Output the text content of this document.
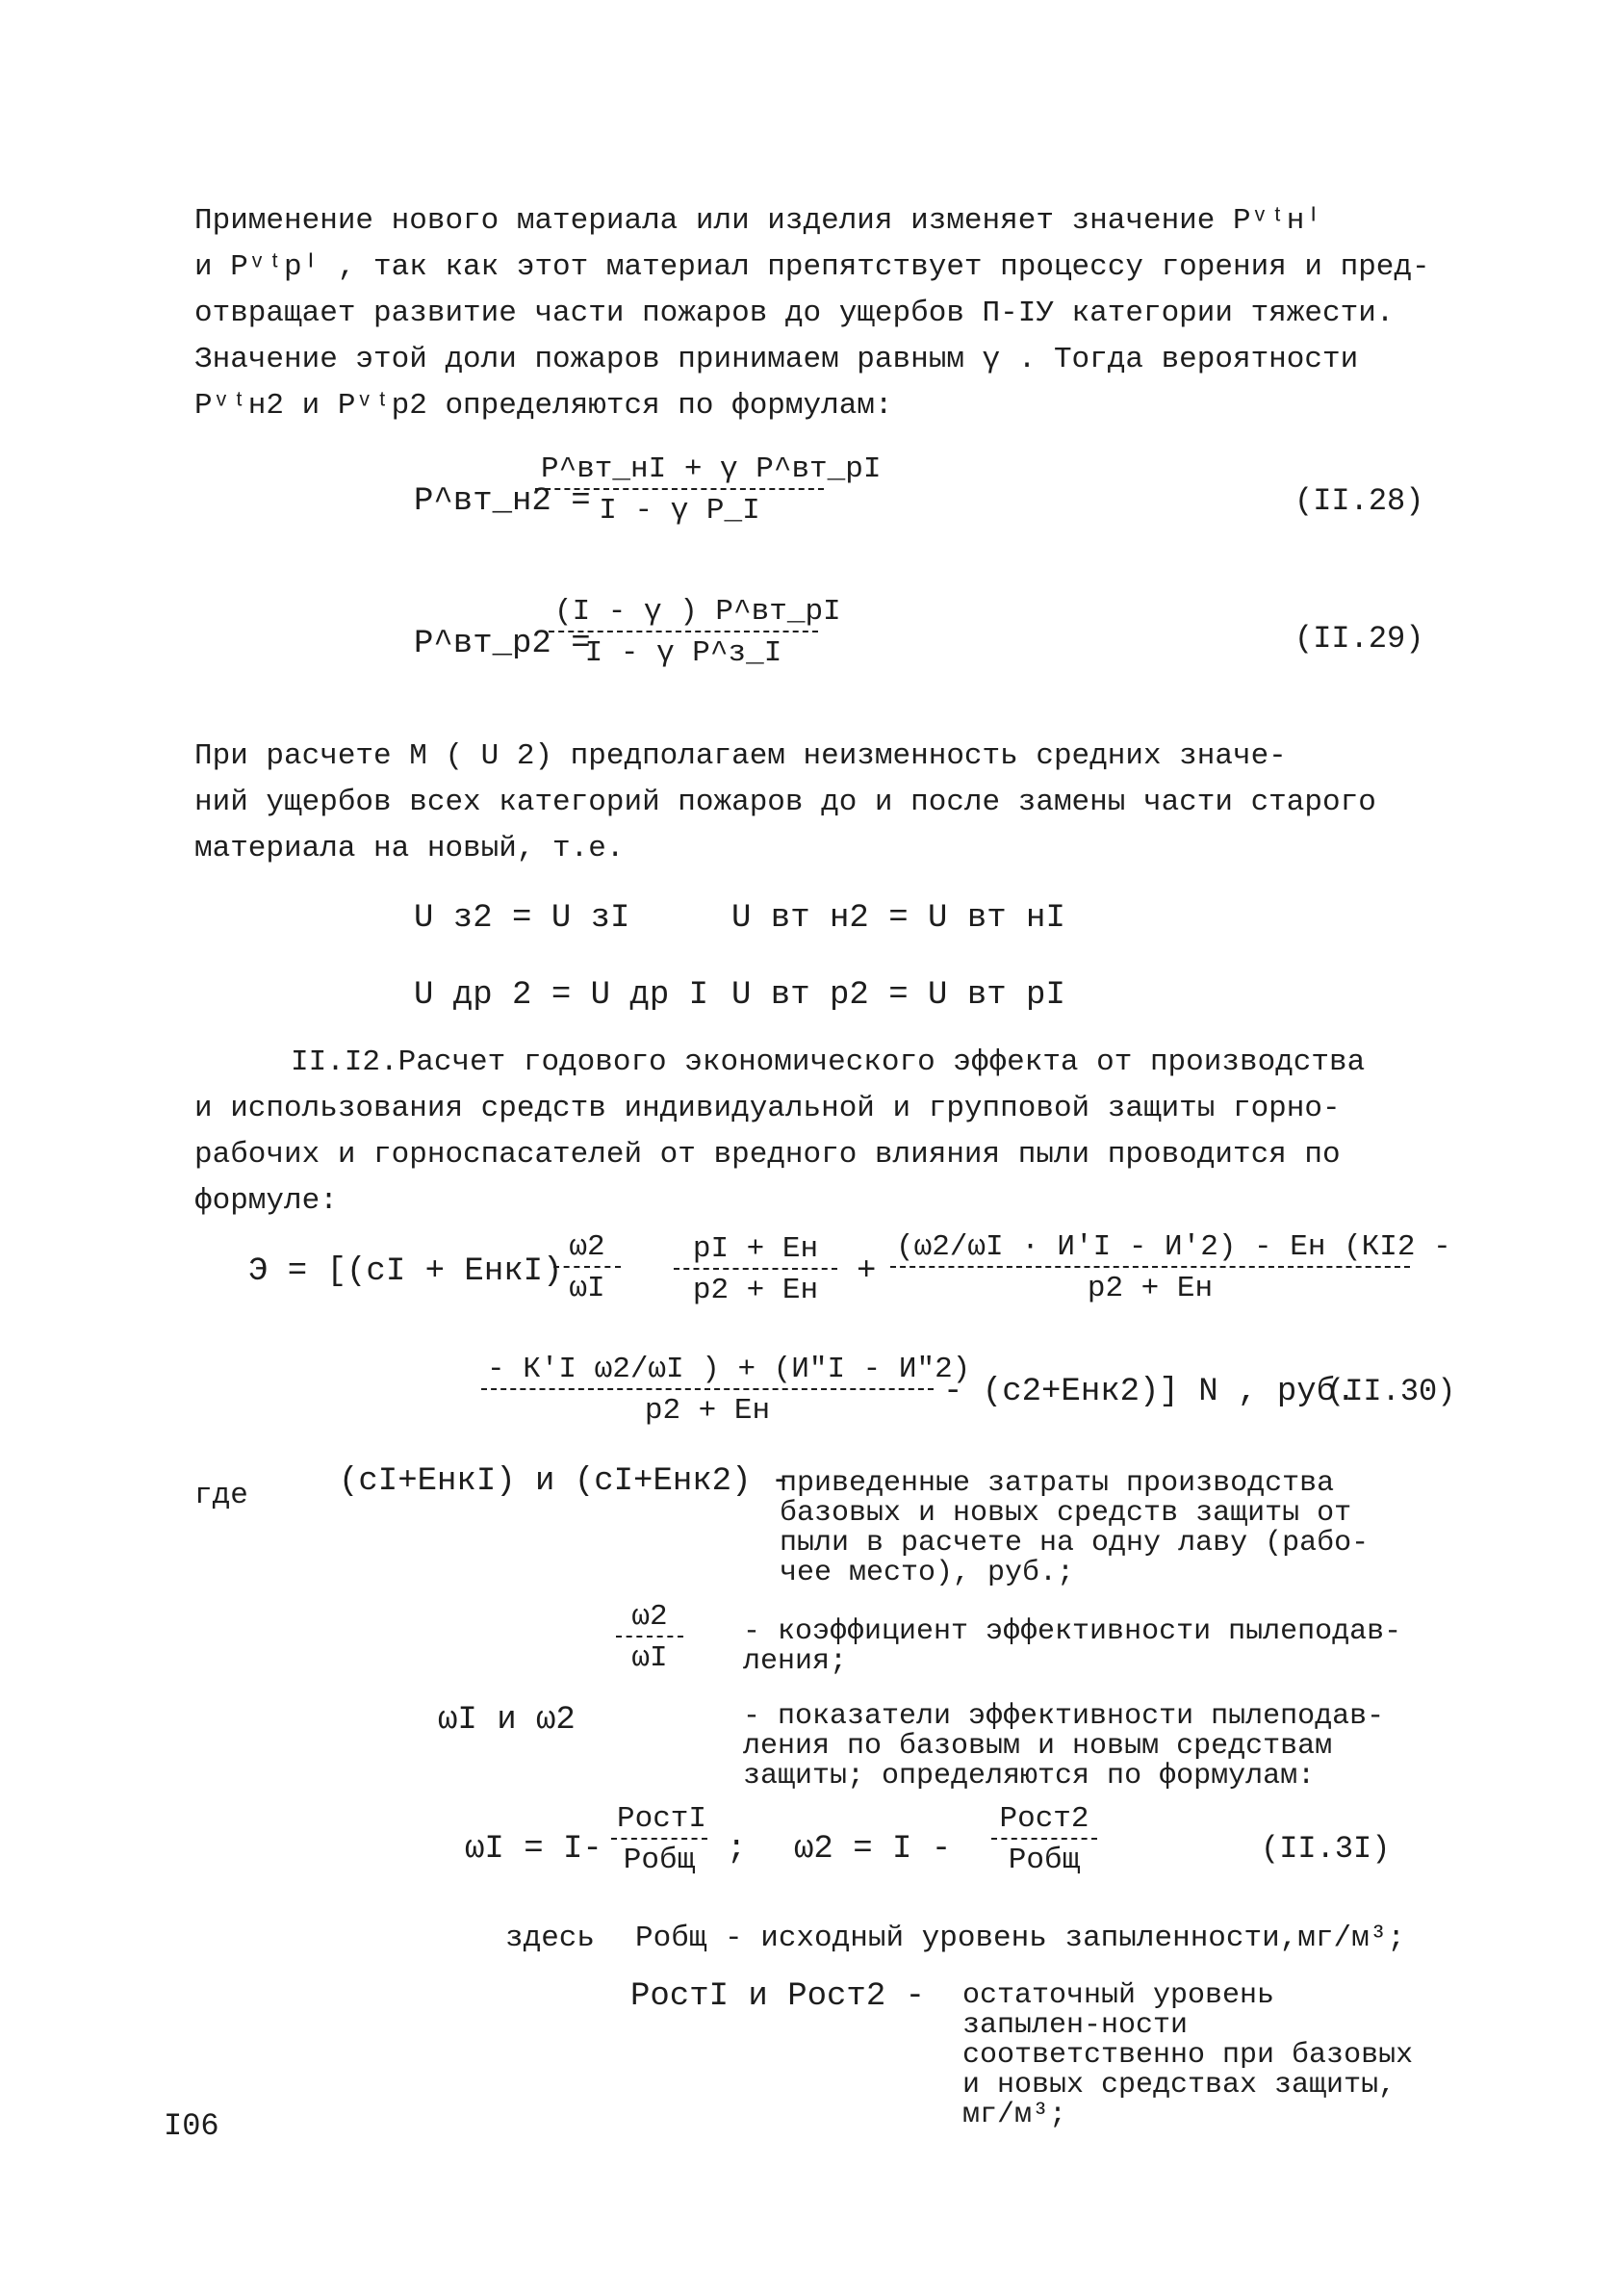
Применение нового материала или изделия изменяет значение Pᵛᵗнᴵ
и Pᵛᵗрᴵ , так как этот материал препятствует процессу горения и пред-
отвращает развитие части пожаров до ущербов П-IУ категории тяжести.
Значение этой доли пожаров принимаем равным γ . Тогда вероятности
Pᵛᵗн2 и Pᵛᵗр2 определяются по формулам:
P^вт_н2 =
P^вт_нI + γ P^вт_pI
I - γ P_I	(II.28)
P^вт_р2 =
(I - γ ) P^вт_pI
I - γ P^з_I	(II.29)
При расчете M ( U 2) предполагаем неизменность средних значе-
ний ущербов всех категорий пожаров до и после замены части старого
материала на новый, т.е.
U з2 = U зI	U вт н2 = U вт нI
U др 2 = U др I U вт р2 = U вт pI
II.I2.Расчет годового экономического эффекта от производства
и использования средств индивидуальной и групповой защиты горно-
рабочих и горноспасателей от вредного влияния пыли проводится по
формуле:
Э = [(cI + EнкI)
$\frac{\omega 2}{\omega I}$	pI + Eн
p2 + Eн
+
(ω2/ωI · И′I - И′2) - Eн (КI2 -
p2 + Eн
- К′I ω2/ωI ) + (И″I - И″2)
p2 + Eн
- (c2+Eнк2)] N , руб.
(II.30)
где	(cI+EнкI) и (cI+Eнк2) -
приведенные затраты производства базовых и новых средств защиты от пыли в расчете на одну лаву (рабо-чее место), руб.;
$\frac{\omega 2}{\omega I}$ - коэффициент эффективности пылеподав-ления;
ωI и ω2	- показатели эффективности пылеподав-ления по базовым и новым средствам защиты; определяются по формулам:
ωI = I-
PостI
Pобщ ; ω2 = I -
Pост2
Pобщ	(II.3I)
здесь	Pобщ - исходный уровень запыленности,мг/м³;
PостI и Pост2 - остаточный уровень запылен-ности соответственно при базовых и новых средствах защиты, мг/м³;
I06
